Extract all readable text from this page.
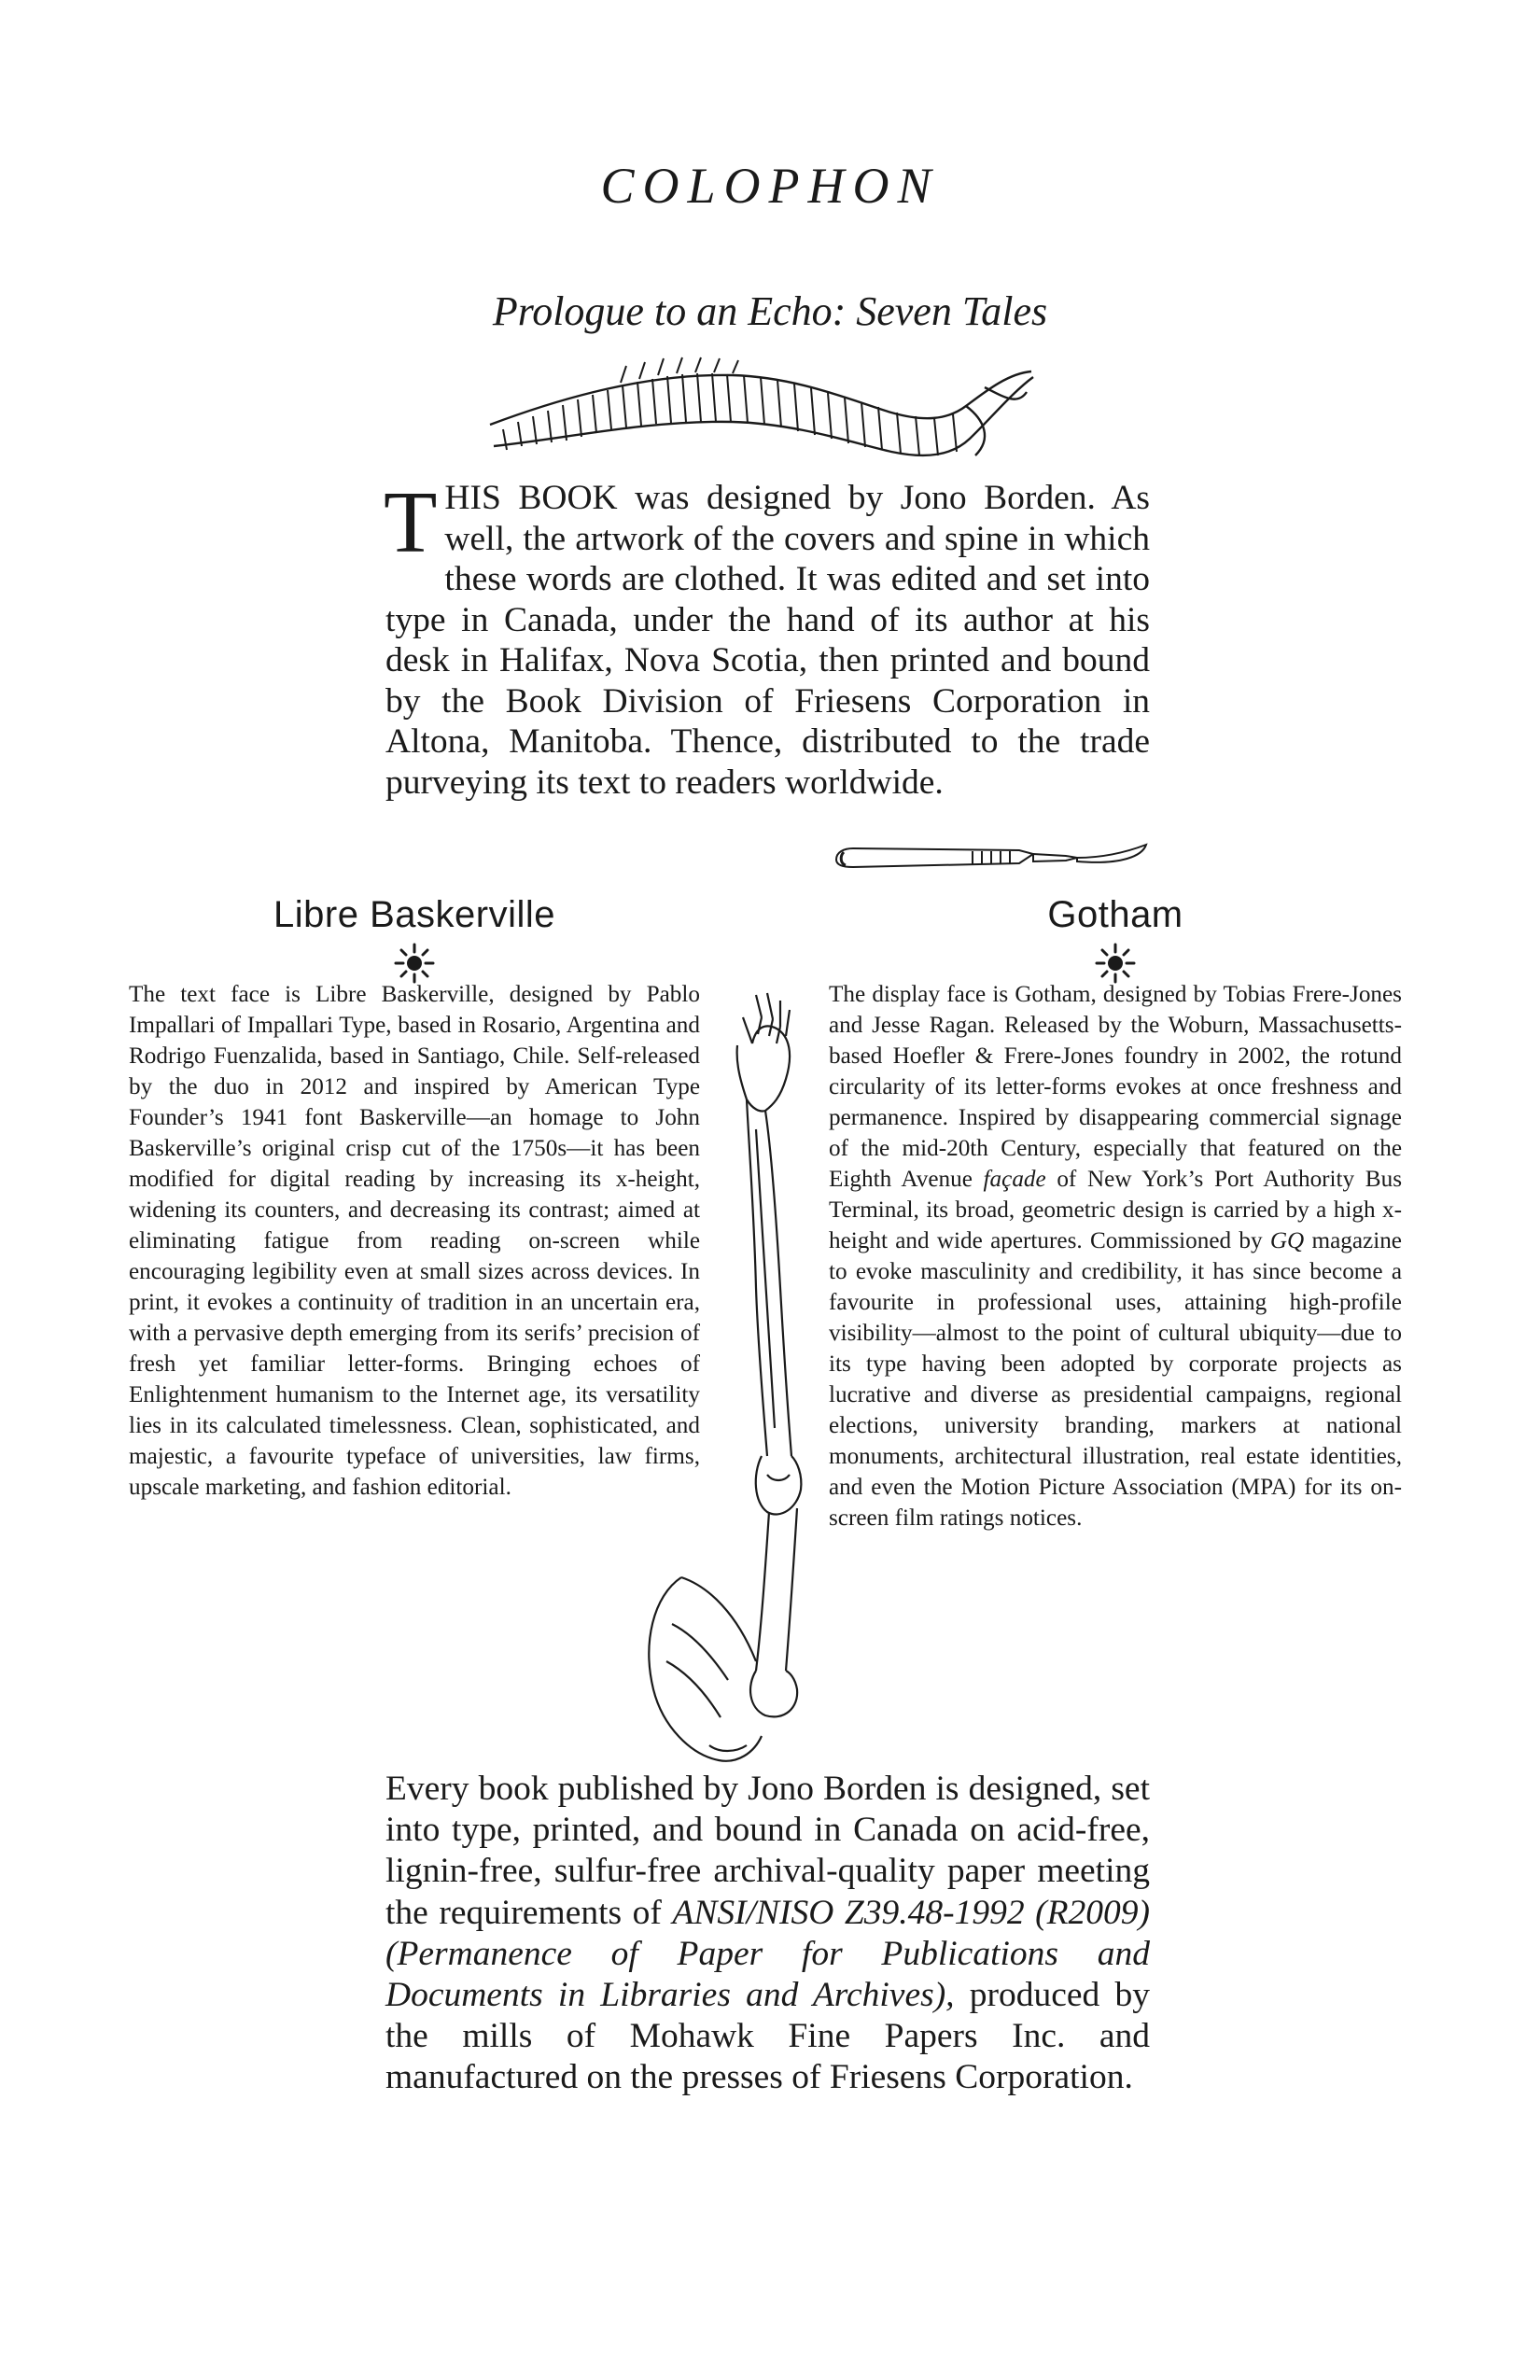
COLOPHON
Prologue to an Echo: Seven Tales

THIS BOOK was designed by Jono Borden. As well, the artwork of the covers and spine in which these words are clothed. It was edited and set into type in Canada, under the hand of its author at his desk in Halifax, Nova Scotia, then printed and bound by the Book Division of Friesens Corporation in Altona, Manitoba. Thence, distributed to the trade purveying its text to readers worldwide.

Libre Baskerville	Gotham

The text face is Libre Baskerville, designed by Pablo Impallari of Impallari Type, based in Rosario, Argentina and Rodrigo Fuenzalida, based in Santiago, Chile. Self-released by the duo in 2012 and inspired by American Type Founder’s 1941 font Baskerville—an homage to John Baskerville’s original crisp cut of the 1750s—it has been modified for digital reading by increasing its x-height, widening its counters, and decreasing its contrast; aimed at eliminating fatigue from reading on-screen while encouraging legibility even at small sizes across devices. In print, it evokes a continuity of tradition in an uncertain era, with a pervasive depth emerging from its serifs’ precision of fresh yet familiar letter-forms. Bringing echoes of Enlightenment humanism to the Internet age, its versatility lies in its calculated timelessness. Clean, sophisticated, and majestic, a favourite typeface of universities, law firms, upscale marketing, and fashion editorial.

The display face is Gotham, designed by Tobias Frere-Jones and Jesse Ragan. Released by the Woburn, Massachusetts-based Hoefler & Frere-Jones foundry in 2002, the rotund circularity of its letter-forms evokes at once freshness and permanence. Inspired by disappearing commercial signage of the mid-20th Century, especially that featured on the Eighth Avenue façade of New York’s Port Authority Bus Terminal, its broad, geometric design is carried by a high x-height and wide apertures. Commissioned by GQ magazine to evoke masculinity and credibility, it has since become a favourite in professional uses, attaining high-profile visibility—almost to the point of cultural ubiquity—due to its type having been adopted by corporate projects as lucrative and diverse as presidential campaigns, regional elections, university branding, markers at national monuments, architectural illustration, real estate identities, and even the Motion Picture Association (MPA) for its on-screen film ratings notices.

Every book published by Jono Borden is designed, set into type, printed, and bound in Canada on acid-free, lignin-free, sulfur-free archival-quality paper meeting the requirements of ANSI/NISO Z39.48-1992 (R2009) (Permanence of Paper for Publications and Documents in Libraries and Archives), produced by the mills of Mohawk Fine Papers Inc. and manufactured on the presses of Friesens Corporation.
